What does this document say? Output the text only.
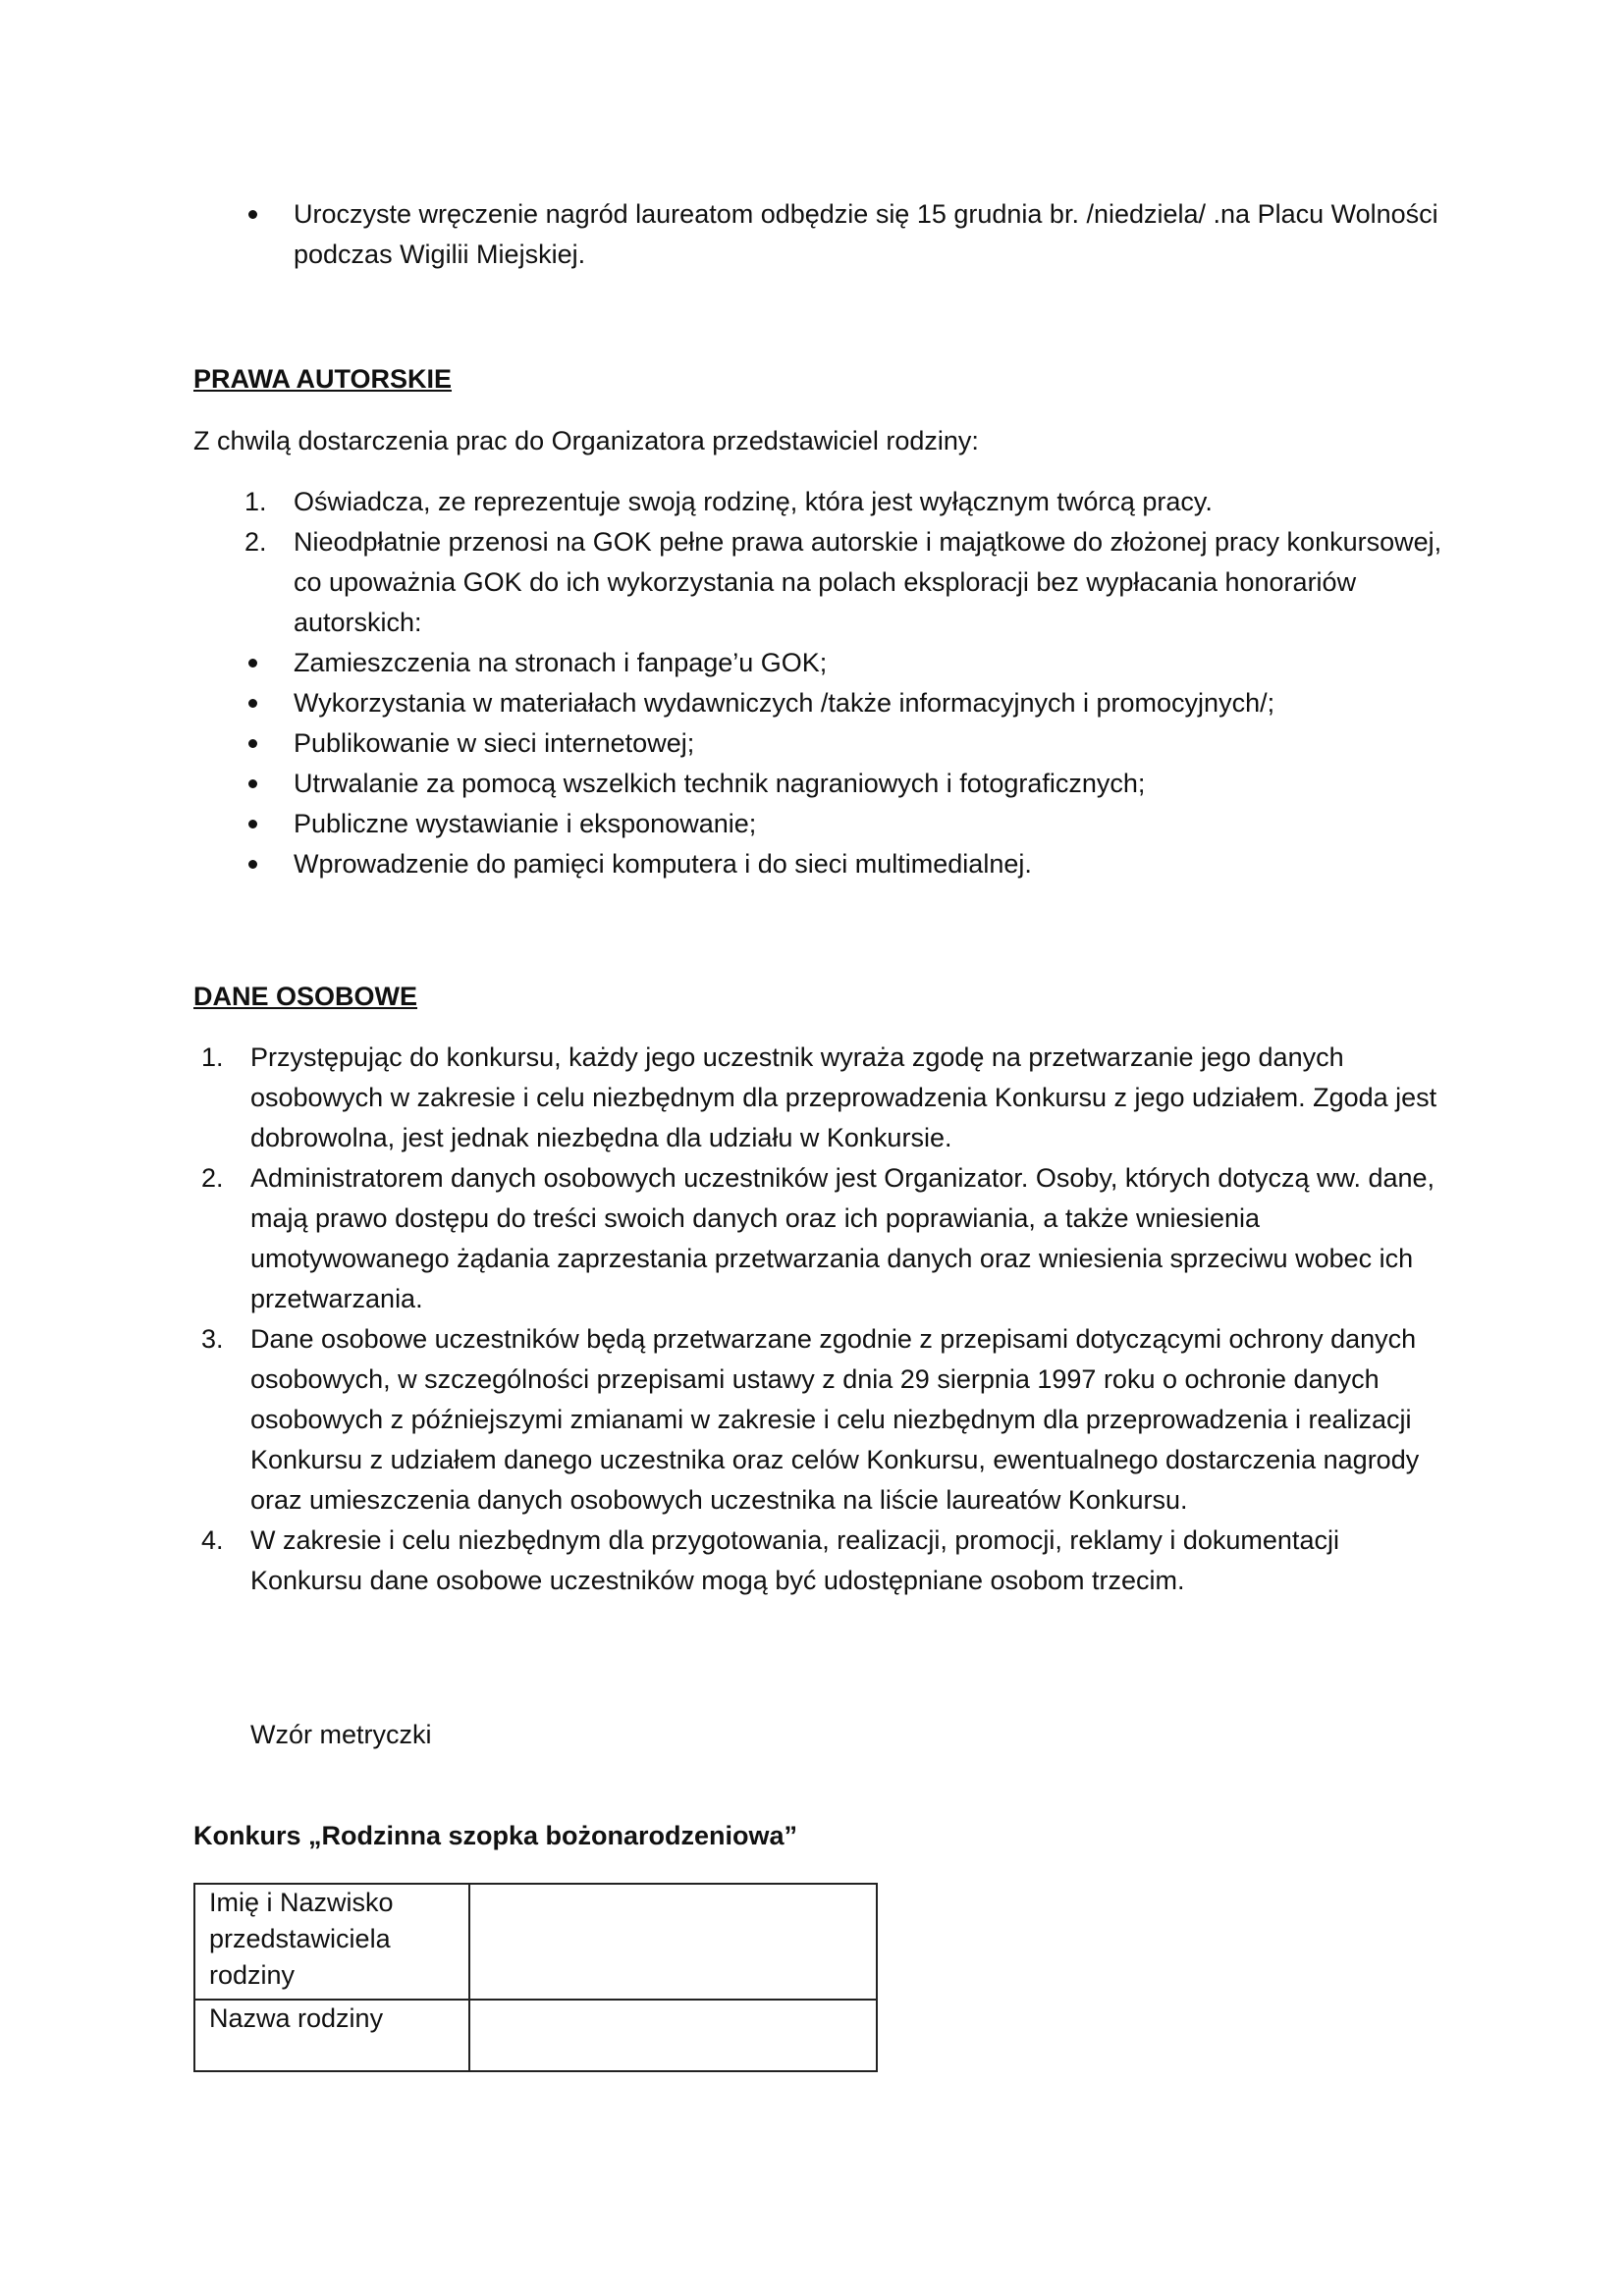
Uroczyste wręczenie nagród laureatom odbędzie się 15 grudnia br. /niedziela/ .na Placu Wolności podczas Wigilii Miejskiej.
PRAWA AUTORSKIE
Z chwilą dostarczenia prac do Organizatora przedstawiciel rodziny:
1. Oświadcza, ze reprezentuje swoją rodzinę, która jest wyłącznym twórcą pracy.
2. Nieodpłatnie przenosi na GOK pełne prawa autorskie i majątkowe do złożonej pracy konkursowej, co upoważnia GOK do ich wykorzystania na polach eksploracji bez wypłacania honorariów autorskich:
Zamieszczenia na stronach i fanpage’u GOK;
Wykorzystania w materiałach wydawniczych /także informacyjnych i promocyjnych/;
Publikowanie w sieci internetowej;
Utrwalanie za pomocą wszelkich technik nagraniowych i fotograficznych;
Publiczne wystawianie i eksponowanie;
Wprowadzenie do pamięci komputera i do sieci multimedialnej.
DANE OSOBOWE
1. Przystępując do konkursu, każdy jego uczestnik wyraża zgodę na przetwarzanie jego danych osobowych w zakresie i celu niezbędnym dla przeprowadzenia Konkursu z jego udziałem. Zgoda jest dobrowolna, jest jednak niezbędna dla udziału w Konkursie.
2. Administratorem danych osobowych uczestników jest Organizator. Osoby, których dotyczą ww. dane, mają prawo dostępu do treści swoich danych oraz ich poprawiania, a także wniesienia umotywowanego żądania zaprzestania przetwarzania danych oraz wniesienia sprzeciwu wobec ich przetwarzania.
3. Dane osobowe uczestników będą przetwarzane zgodnie z przepisami dotyczącymi ochrony danych osobowych, w szczególności przepisami ustawy z dnia 29 sierpnia 1997 roku o ochronie danych osobowych z późniejszymi zmianami w zakresie i celu niezbędnym dla przeprowadzenia i realizacji Konkursu z udziałem danego uczestnika oraz celów Konkursu, ewentualnego dostarczenia nagrody oraz umieszczenia danych osobowych uczestnika na liście laureatów Konkursu.
4. W zakresie i celu niezbędnym dla przygotowania, realizacji, promocji, reklamy i dokumentacji Konkursu dane osobowe uczestników mogą być udostępniane osobom trzecim.
Wzór metryczki
Konkurs „Rodzinna szopka bożonarodzeniowa”
Imię i Nazwisko przedstawiciela rodziny	
Nazwa rodziny	
